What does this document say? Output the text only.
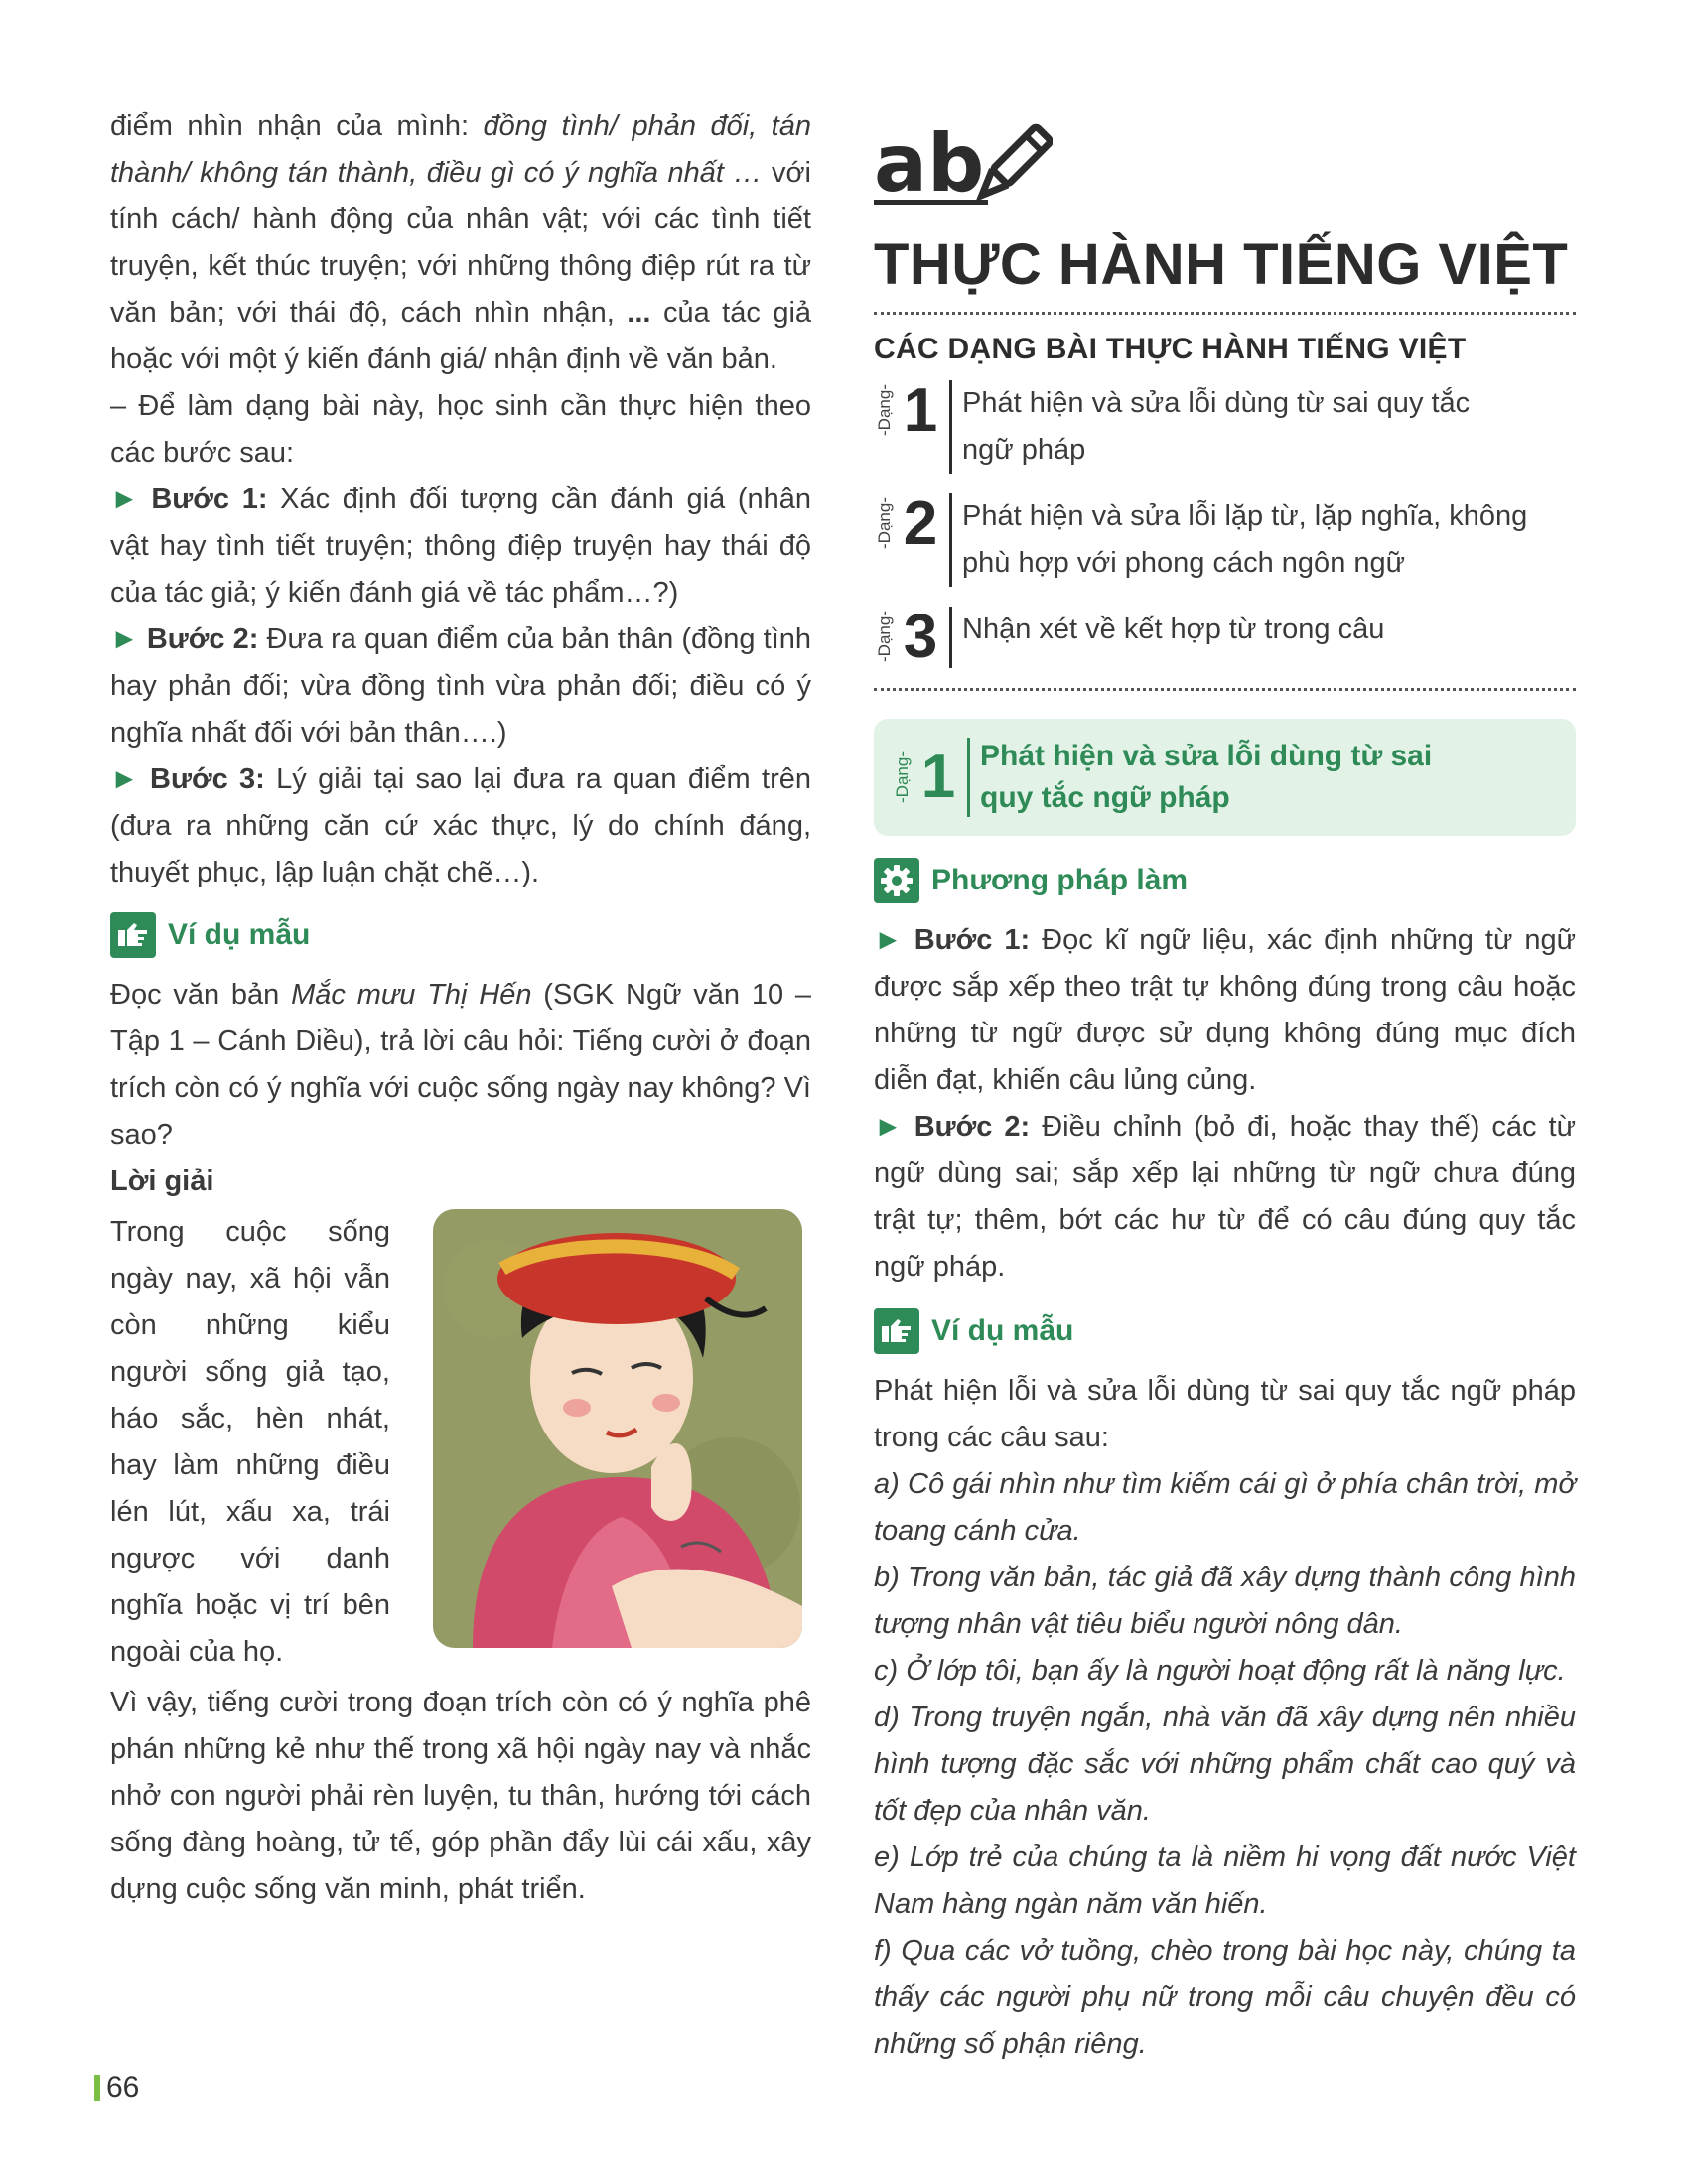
điểm nhìn nhận của mình: đồng tình/ phản đối, tán thành/ không tán thành, điều gì có ý nghĩa nhất … với tính cách/ hành động của nhân vật; với các tình tiết truyện, kết thúc truyện; với những thông điệp rút ra từ văn bản; với thái độ, cách nhìn nhận, ... của tác giả hoặc với một ý kiến đánh giá/ nhận định về văn bản.

– Để làm dạng bài này, học sinh cần thực hiện theo các bước sau:

► Bước 1: Xác định đối tượng cần đánh giá (nhân vật hay tình tiết truyện; thông điệp truyện hay thái độ của tác giả; ý kiến đánh giá về tác phẩm…?)

► Bước 2: Đưa ra quan điểm của bản thân (đồng tình hay phản đối; vừa đồng tình vừa phản đối; điều có ý nghĩa nhất đối với bản thân….)

► Bước 3: Lý giải tại sao lại đưa ra quan điểm trên (đưa ra những căn cứ xác thực, lý do chính đáng, thuyết phục, lập luận chặt chẽ…).

Ví dụ mẫu

Đọc văn bản Mắc mưu Thị Hến (SGK Ngữ văn 10 – Tập 1 – Cánh Diều), trả lời câu hỏi: Tiếng cười ở đoạn trích còn có ý nghĩa với cuộc sống ngày nay không? Vì sao?

Lời giải

Trong cuộc sống ngày nay, xã hội vẫn còn những kiểu người sống giả tạo, háo sắc, hèn nhát, hay làm những điều lén lút, xấu xa, trái ngược với danh nghĩa hoặc vị trí bên ngoài của họ.

Vì vậy, tiếng cười trong đoạn trích còn có ý nghĩa phê phán những kẻ như thế trong xã hội ngày nay và nhắc nhở con người phải rèn luyện, tu thân, hướng tới cách sống đàng hoàng, tử tế, góp phần đẩy lùi cái xấu, xây dựng cuộc sống văn minh, phát triển.

ab
THỰC HÀNH TIẾNG VIỆT
CÁC DẠNG BÀI THỰC HÀNH TIẾNG VIỆT
-Dạng- 1 Phát hiện và sửa lỗi dùng từ sai quy tắc ngữ pháp
-Dạng- 2 Phát hiện và sửa lỗi lặp từ, lặp nghĩa, không phù hợp với phong cách ngôn ngữ
-Dạng- 3 Nhận xét về kết hợp từ trong câu
-Dạng- 1 Phát hiện và sửa lỗi dùng từ sai quy tắc ngữ pháp
Phương pháp làm

► Bước 1: Đọc kĩ ngữ liệu, xác định những từ ngữ được sắp xếp theo trật tự không đúng trong câu hoặc những từ ngữ được sử dụng không đúng mục đích diễn đạt, khiến câu lủng củng.

► Bước 2: Điều chỉnh (bỏ đi, hoặc thay thế) các từ ngữ dùng sai; sắp xếp lại những từ ngữ chưa đúng trật tự; thêm, bớt các hư từ để có câu đúng quy tắc ngữ pháp.

Ví dụ mẫu

Phát hiện lỗi và sửa lỗi dùng từ sai quy tắc ngữ pháp trong các câu sau:

a) Cô gái nhìn như tìm kiếm cái gì ở phía chân trời, mở toang cánh cửa.

b) Trong văn bản, tác giả đã xây dựng thành công hình tượng nhân vật tiêu biểu người nông dân.

c) Ở lớp tôi, bạn ấy là người hoạt động rất là năng lực.

d) Trong truyện ngắn, nhà văn đã xây dựng nên nhiều hình tượng đặc sắc với những phẩm chất cao quý và tốt đẹp của nhân văn.

e) Lớp trẻ của chúng ta là niềm hi vọng đất nước Việt Nam hàng ngàn năm văn hiến.

f) Qua các vở tuồng, chèo trong bài học này, chúng ta thấy các người phụ nữ trong mỗi câu chuyện đều có những số phận riêng.

66
